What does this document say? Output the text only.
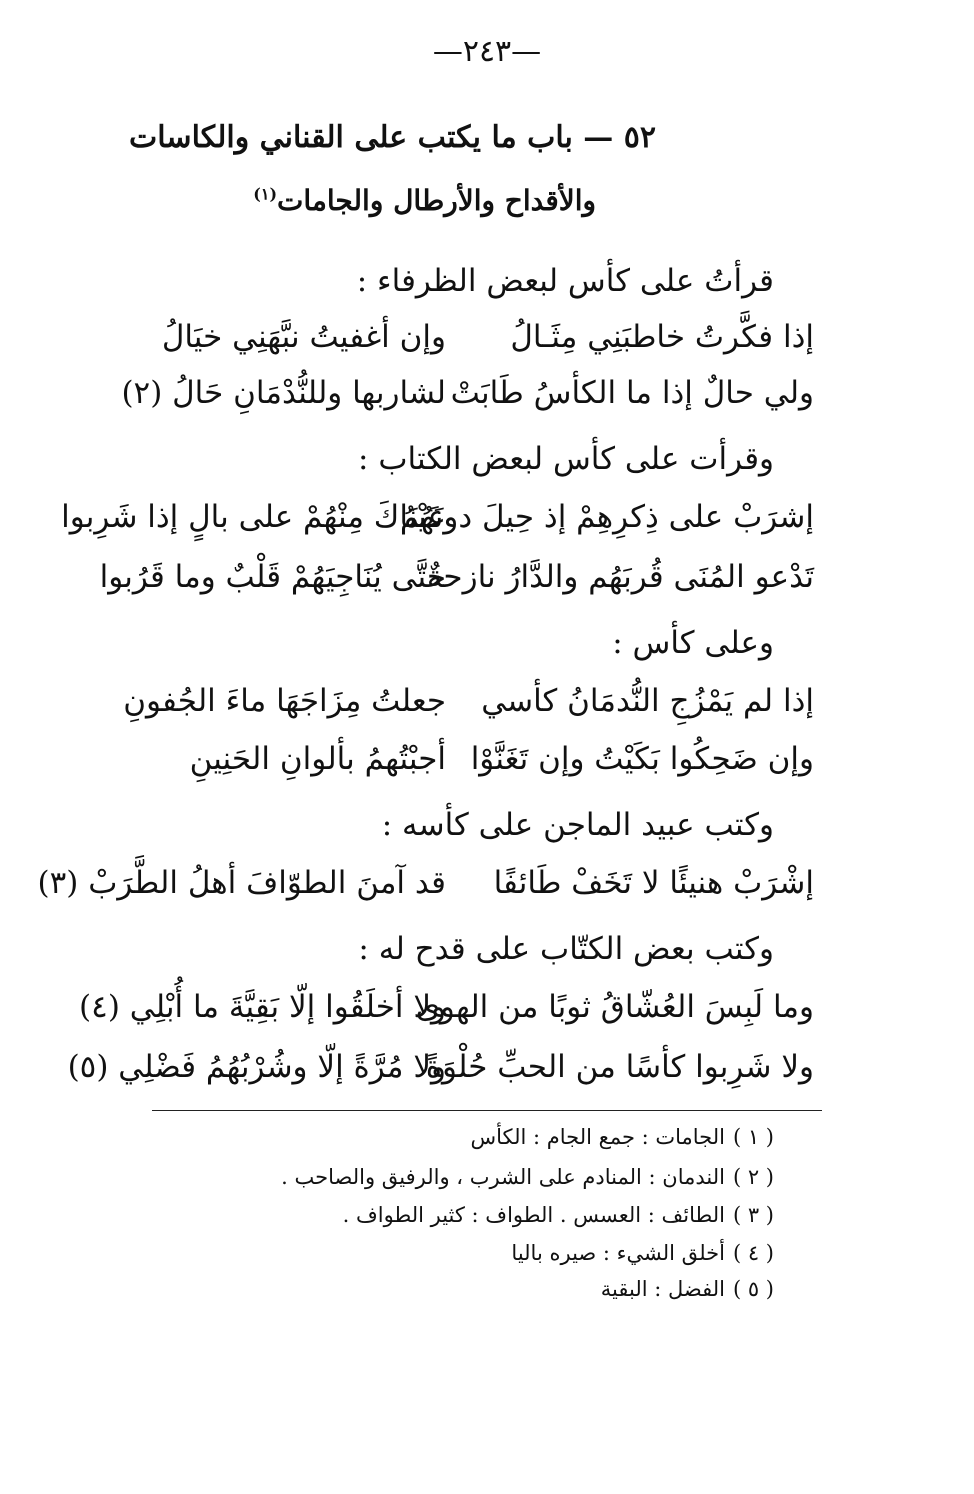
—٢٤٣—
٥٢ — باب ما يكتب على القناني والكاسات
والأقداح والأرطال والجامات$^{(١)}$
قرأتُ على كأس لبعض الظرفاء :
إذا فكَّرتُ خاطبَنِي مِثَـالُ
وإن أغفيتُ نبَّهَنِي خيَالُ
ولي حالٌ إذا ما الكأسُ طَابَتْ
لشاربها وللنُّدْمَانِ حَالُ (٢)
وقرأت على كأس لبعض الكتاب :
إشرَبْ على ذِكرِهِمْ إذ حِيلَ دونَهُمُ
عَيْنَاكَ مِنْهُمْ على بالٍ إذا شَرِبوا
تَدْعو المُنَى قُربَهُم والدَّارُ نازحةٌ
حتَّى يُنَاجِيَهُمْ قَلْبٌ وما قَرُبوا
وعلى كأس :
إذا لم يَمْزُجِ النُّدمَانُ كأسي
جعلتُ مِزَاجَهَا ماءَ الجُفونِ
وإن ضَحِكُوا بَكَيْتُ وإن تَغَنَّوْا
أجبْتُهمُ بألوانِ الحَنِينِ
وكتب عبيد الماجن على كأسه :
إشْرَبْ هنيئًا لا تَخَفْ طَائفًا
قد آمنَ الطوّافَ أهلُ الطَّرَبْ (٣)
وكتب بعض الكتّاب على قدح له :
وما لَبِسَ العُشّاقُ ثوبًا من الهوى
ولا أخلَقُوا إلّا بَقِيَّةَ ما أُبْلِي (٤)
ولا شَرِبوا كأسًا من الحبِّ حُلْوَةً
ولا مُرَّةً إلّا وشُرْبُهُمُ فَضْلِي (٥)
( ١ )الجامات : جمع الجام : الكأس
( ٢ )الندمان : المنادم على الشرب ، والرفيق والصاحب .
( ٣ )الطائف : العسس . الطواف : كثير الطواف .
( ٤ )أخلق الشيء : صيره باليا
( ٥ )الفضل : البقية
